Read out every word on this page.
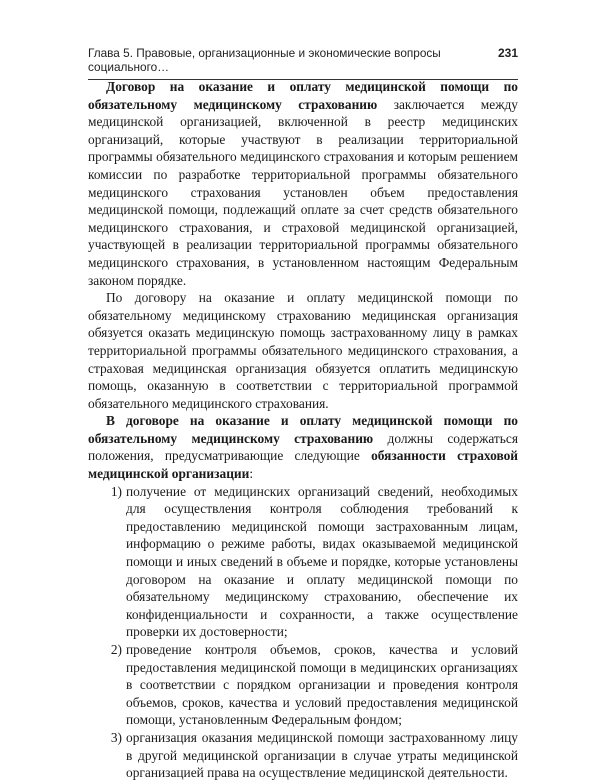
Глава 5. Правовые, организационные и экономические вопросы социального…
231

Договор на оказание и оплату медицинской помощи по обязательному медицинскому страхованию заключается между медицинской организацией, включенной в реестр медицинских организаций, которые участвуют в реализации территориальной программы обязательного медицинского страхования и которым решением комиссии по разработке территориальной программы обязательного медицинского страхования установлен объем предоставления медицинской помощи, подлежащий оплате за счет средств обязательного медицинского страхования, и страховой медицинской организацией, участвующей в реализации территориальной программы обязательного медицинского страхования, в установленном настоящим Федеральным законом порядке.

По договору на оказание и оплату медицинской помощи по обязательному медицинскому страхованию медицинская организация обязуется оказать медицинскую помощь застрахованному лицу в рамках территориальной программы обязательного медицинского страхования, а страховая медицинская организация обязуется оплатить медицинскую помощь, оказанную в соответствии с территориальной программой обязательного медицинского страхования.

В договоре на оказание и оплату медицинской помощи по обязательному медицинскому страхованию должны содержаться положения, предусматривающие следующие обязанности страховой медицинской организации:

1) получение от медицинских организаций сведений, необходимых для осуществления контроля соблюдения требований к предоставлению медицинской помощи застрахованным лицам, информацию о режиме работы, видах оказываемой медицинской помощи и иных сведений в объеме и порядке, которые установлены договором на оказание и оплату медицинской помощи по обязательному медицинскому страхованию, обеспечение их конфиденциальности и сохранности, а также осуществление проверки их достоверности;
2) проведение контроля объемов, сроков, качества и условий предоставления медицинской помощи в медицинских организациях в соответствии с порядком организации и проведения контроля объемов, сроков, качества и условий предоставления медицинской помощи, установленным Федеральным фондом;
3) организация оказания медицинской помощи застрахованному лицу в другой медицинской организации в случае утраты медицинской организацией права на осуществление медицинской деятельности.
